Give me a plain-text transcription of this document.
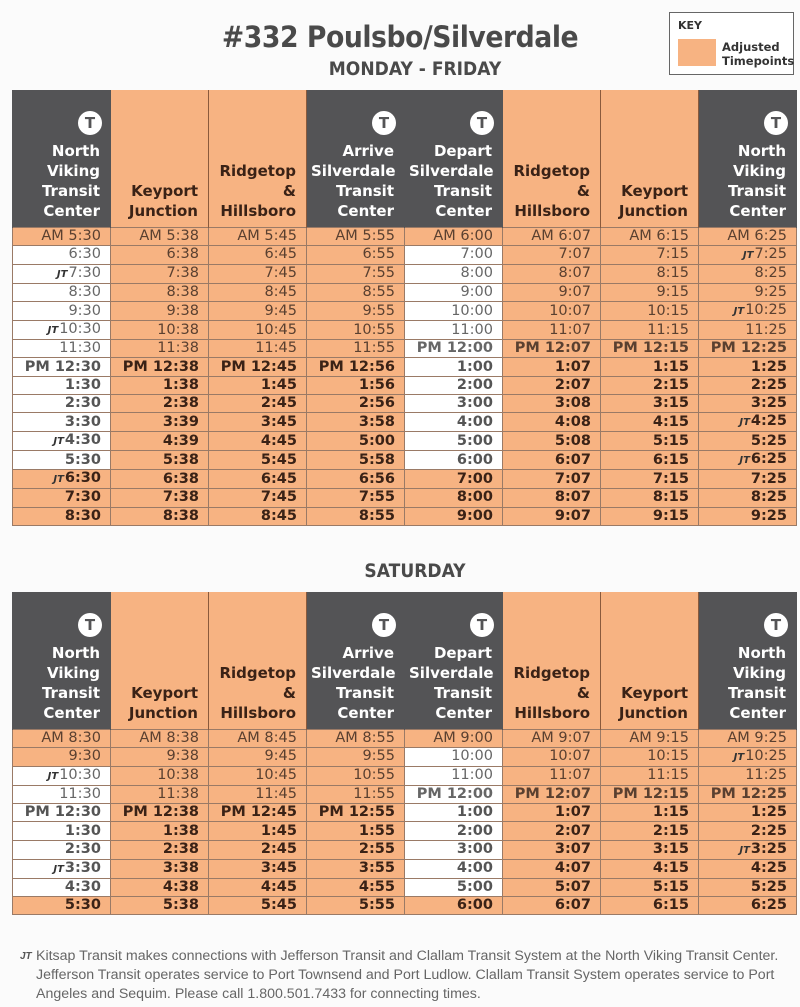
#332 Poulsbo/Silverdale
MONDAY - FRIDAY
KEY
Adjusted
Timepoints
T
North
Viking
Transit
Center	Keyport
Junction	Ridgetop
&
Hillsboro	T
Arrive
Silverdale
Transit
Center	T
Depart
Silverdale
Transit
Center	Ridgetop
&
Hillsboro	Keyport
Junction	T
North
Viking
Transit
Center
AM 5:30	AM 5:38	AM 5:45	AM 5:55	AM 6:00	AM 6:07	AM 6:15	AM 6:25
6:30	6:38	6:45	6:55	7:00	7:07	7:15	JT7:25
JT7:30	7:38	7:45	7:55	8:00	8:07	8:15	8:25
8:30	8:38	8:45	8:55	9:00	9:07	9:15	9:25
9:30	9:38	9:45	9:55	10:00	10:07	10:15	JT10:25
JT10:30	10:38	10:45	10:55	11:00	11:07	11:15	11:25
11:30	11:38	11:45	11:55	PM 12:00	PM 12:07	PM 12:15	PM 12:25
PM 12:30	PM 12:38	PM 12:45	PM 12:56	1:00	1:07	1:15	1:25
1:30	1:38	1:45	1:56	2:00	2:07	2:15	2:25
2:30	2:38	2:45	2:56	3:00	3:08	3:15	3:25
3:30	3:39	3:45	3:58	4:00	4:08	4:15	JT4:25
JT4:30	4:39	4:45	5:00	5:00	5:08	5:15	5:25
5:30	5:38	5:45	5:58	6:00	6:07	6:15	JT6:25
JT6:30	6:38	6:45	6:56	7:00	7:07	7:15	7:25
7:30	7:38	7:45	7:55	8:00	8:07	8:15	8:25
8:30	8:38	8:45	8:55	9:00	9:07	9:15	9:25
SATURDAY
T
North
Viking
Transit
Center	Keyport
Junction	Ridgetop
&
Hillsboro	T
Arrive
Silverdale
Transit
Center	T
Depart
Silverdale
Transit
Center	Ridgetop
&
Hillsboro	Keyport
Junction	T
North
Viking
Transit
Center
AM 8:30	AM 8:38	AM 8:45	AM 8:55	AM 9:00	AM 9:07	AM 9:15	AM 9:25
9:30	9:38	9:45	9:55	10:00	10:07	10:15	JT10:25
JT10:30	10:38	10:45	10:55	11:00	11:07	11:15	11:25
11:30	11:38	11:45	11:55	PM 12:00	PM 12:07	PM 12:15	PM 12:25
PM 12:30	PM 12:38	PM 12:45	PM 12:55	1:00	1:07	1:15	1:25
1:30	1:38	1:45	1:55	2:00	2:07	2:15	2:25
2:30	2:38	2:45	2:55	3:00	3:07	3:15	JT3:25
JT3:30	3:38	3:45	3:55	4:00	4:07	4:15	4:25
4:30	4:38	4:45	4:55	5:00	5:07	5:15	5:25
5:30	5:38	5:45	5:55	6:00	6:07	6:15	6:25
JT Kitsap Transit makes connections with Jefferson Transit and Clallam Transit System at the North Viking Transit Center. Jefferson Transit operates service to Port Townsend and Port Ludlow. Clallam Transit System operates service to Port Angeles and Sequim. Please call 1.800.501.7433 for connecting times.
